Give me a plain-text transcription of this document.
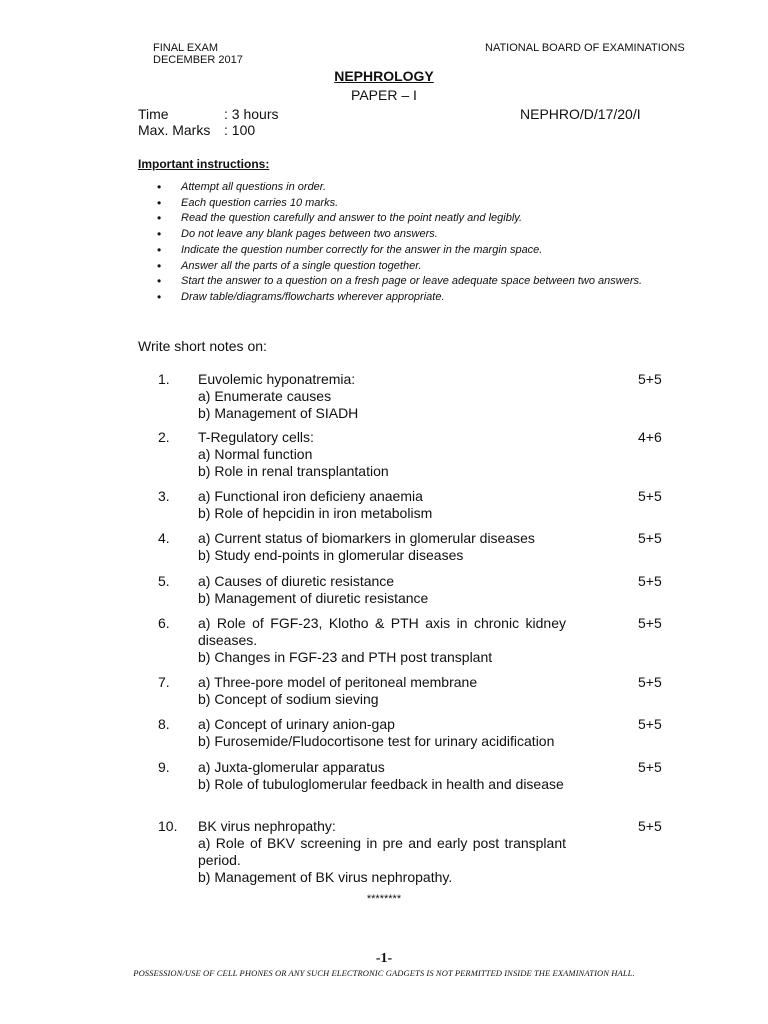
FINAL EXAM
DECEMBER 2017
NATIONAL BOARD OF EXAMINATIONS
NEPHROLOGY
PAPER – I
Time	: 3 hours
Max. Marks : 100
NEPHRO/D/17/20/I
Important instructions:
• Attempt all questions in order.
• Each question carries 10 marks.
• Read the question carefully and answer to the point neatly and legibly.
• Do not leave any blank pages between two answers.
• Indicate the question number correctly for the answer in the margin space.
• Answer all the parts of a single question together.
• Start the answer to a question on a fresh page or leave adequate space between two answers.
• Draw table/diagrams/flowcharts wherever appropriate.
Write short notes on:
1. Euvolemic hyponatremia:
a) Enumerate causes
b) Management of SIADH
5+5
2. T-Regulatory cells:
a) Normal function
b) Role in renal transplantation
4+6
3. a) Functional iron deficieny anaemia
b) Role of hepcidin in iron metabolism
5+5
4. a) Current status of biomarkers in glomerular diseases
b) Study end-points in glomerular diseases
5+5
5. a) Causes of diuretic resistance
b) Management of diuretic resistance
5+5
6. a) Role of FGF-23, Klotho & PTH axis in chronic kidney diseases.
b) Changes in FGF-23 and PTH post transplant
5+5
7. a) Three-pore model of peritoneal membrane
b) Concept of sodium sieving
5+5
8. a) Concept of urinary anion-gap
b) Furosemide/Fludocortisone test for urinary acidification
5+5
9. a) Juxta-glomerular apparatus
b) Role of tubuloglomerular feedback in health and disease
5+5
10. BK virus nephropathy:
a) Role of BKV screening in pre and early post transplant period.
b) Management of BK virus nephropathy.
5+5
********
-1-
POSSESSION/USE OF CELL PHONES OR ANY SUCH ELECTRONIC GADGETS IS NOT PERMITTED INSIDE THE EXAMINATION HALL.
